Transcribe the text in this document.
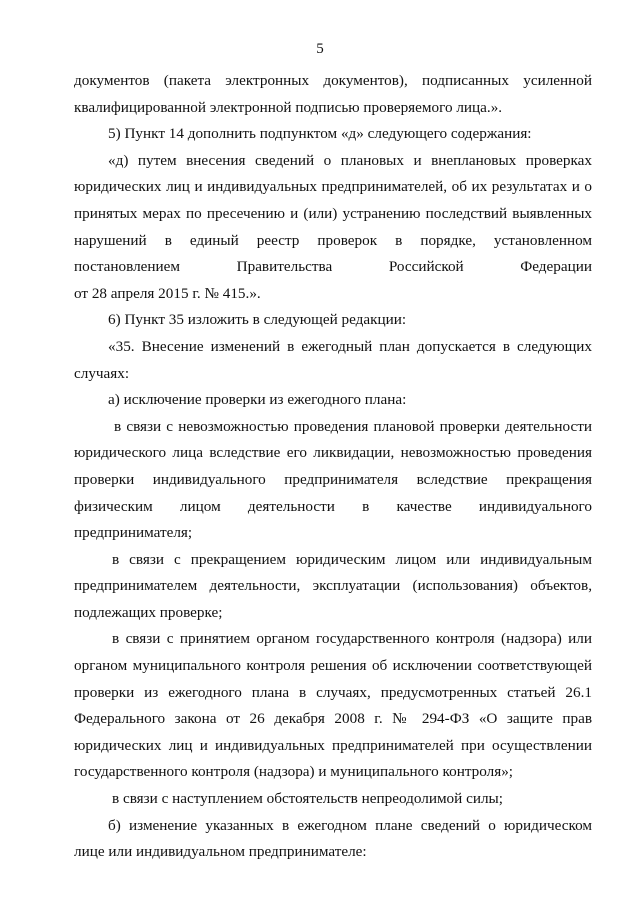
5
документов (пакета электронных документов), подписанных усиленной
квалифицированной электронной подписью проверяемого лица.».
5) Пункт 14 дополнить подпунктом «д» следующего содержания:
«д) путем внесения сведений о плановых и внеплановых проверках
юридических лиц и индивидуальных предпринимателей, об их результатах и о
принятых мерах по пресечению и (или) устранению последствий выявленных
нарушений в единый реестр проверок в порядке, установленном
постановлением Правительства Российской Федерации
от 28 апреля 2015 г. № 415.».
6) Пункт 35 изложить в следующей редакции:
«35. Внесение изменений в ежегодный план допускается в следующих
случаях:
а) исключение проверки из ежегодного плана:
в связи с невозможностью проведения плановой проверки деятельности
юридического лица вследствие его ликвидации, невозможностью проведения
проверки индивидуального предпринимателя вследствие прекращения
физическим лицом деятельности в качестве индивидуального
предпринимателя;
в связи с прекращением юридическим лицом или индивидуальным
предпринимателем деятельности, эксплуатации (использования) объектов,
подлежащих проверке;
в связи с принятием органом государственного контроля (надзора) или
органом муниципального контроля решения об исключении соответствующей
проверки из ежегодного плана в случаях, предусмотренных статьей 26.1
Федерального закона от 26 декабря 2008 г. № 294-ФЗ «О защите прав
юридических лиц и индивидуальных предпринимателей при осуществлении
государственного контроля (надзора) и муниципального контроля»;
в связи с наступлением обстоятельств непреодолимой силы;
б) изменение указанных в ежегодном плане сведений о юридическом
лице или индивидуальном предпринимателе:
